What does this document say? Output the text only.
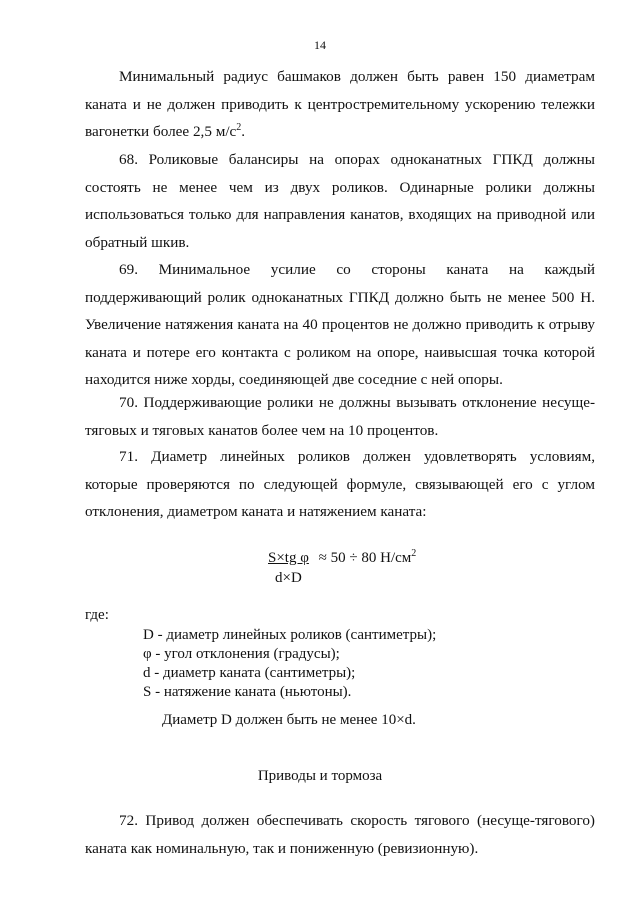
14

Минимальный радиус башмаков должен быть равен 150 диаметрам каната и не должен приводить к центростремительному ускорению тележки вагонетки более 2,5 $м/с^2$.

68. Роликовые балансиры на опорах одноканатных ГПКД должны состоять не менее чем из двух роликов. Одинарные ролики должны использоваться только для направления канатов, входящих на приводной или обратный шкив.

69. Минимальное усилие со стороны каната на каждый поддерживающий ролик одноканатных ГПКД должно быть не менее 500 Н. Увеличение натяжения каната на 40 процентов не должно приводить к отрыву каната и потере его контакта с роликом на опоре, наивысшая точка которой находится ниже хорды, соединяющей две соседние с ней опоры.

70. Поддерживающие ролики не должны вызывать отклонение несуще-тяговых и тяговых канатов более чем на 10 процентов.

71. Диаметр линейных роликов должен удовлетворять условиям, которые проверяются по следующей формуле, связывающей его с углом отклонения, диаметром каната и натяжением каната:

$\frac{\text{S×tg φ}}{d\times D} \approx 50 \div 80$ $Н/см^2$
где:
D - диаметр линейных роликов (сантиметры);
φ - угол отклонения (градусы);
d - диаметр каната (сантиметры);
S - натяжение каната (ньютоны).
Диаметр D должен быть не менее 10×d.
Приводы и тормоза

72. Привод должен обеспечивать скорость тягового (несуще-тягового) каната как номинальную, так и пониженную (ревизионную).
